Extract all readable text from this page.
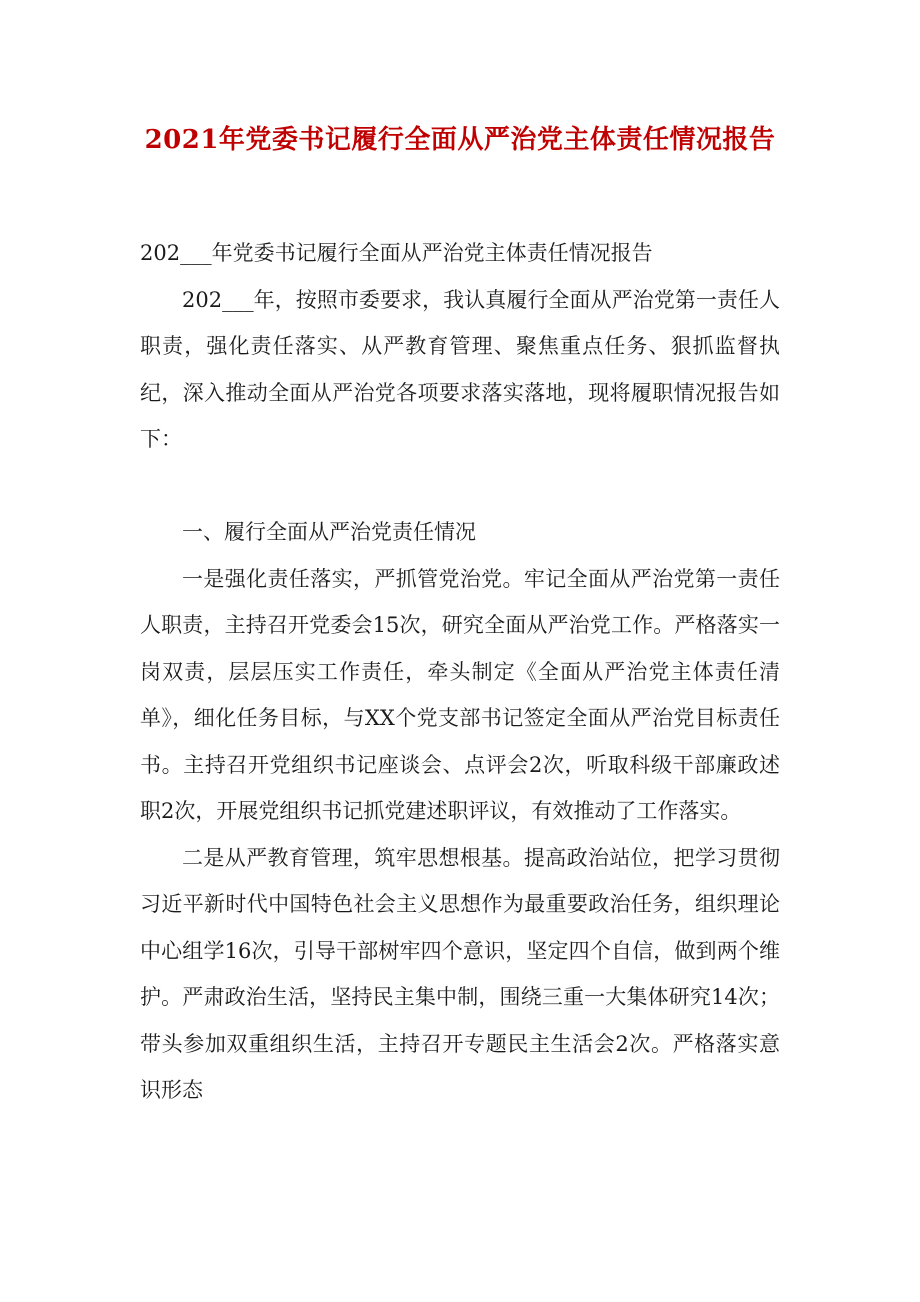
2021年党委书记履行全面从严治党主体责任情况报告

202___年党委书记履行全面从严治党主体责任情况报告

202___年，按照市委要求，我认真履行全面从严治党第一责任人职责，强化责任落实、从严教育管理、聚焦重点任务、狠抓监督执纪，深入推动全面从严治党各项要求落实落地，现将履职情况报告如下：

一、履行全面从严治党责任情况

一是强化责任落实，严抓管党治党。牢记全面从严治党第一责任人职责，主持召开党委会15次，研究全面从严治党工作。严格落实一岗双责，层层压实工作责任，牵头制定《全面从严治党主体责任清单》，细化任务目标，与XX个党支部书记签定全面从严治党目标责任书。主持召开党组织书记座谈会、点评会2次，听取科级干部廉政述职2次，开展党组织书记抓党建述职评议，有效推动了工作落实。

二是从严教育管理，筑牢思想根基。提高政治站位，把学习贯彻习近平新时代中国特色社会主义思想作为最重要政治任务，组织理论中心组学16次，引导干部树牢四个意识，坚定四个自信，做到两个维护。严肃政治生活，坚持民主集中制，围绕三重一大集体研究14次；带头参加双重组织生活，主持召开专题民主生活会2次。严格落实意识形态
